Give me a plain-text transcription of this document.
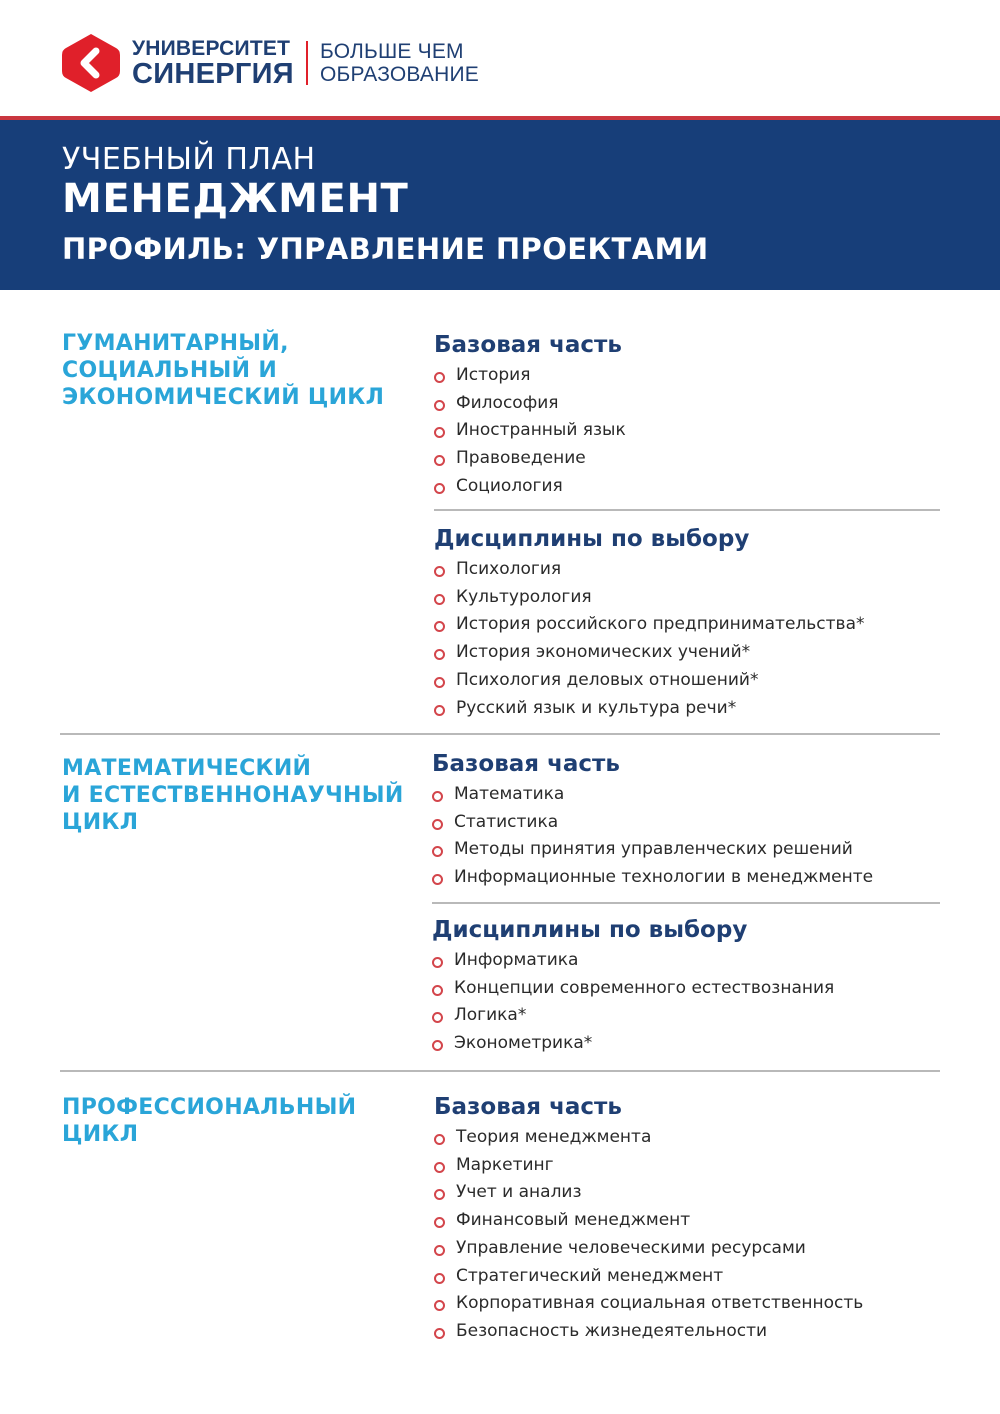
УНИВЕРСИТЕТ
СИНЕРГИЯ
БОЛЬШЕ ЧЕМ
ОБРАЗОВАНИЕ
УЧЕБНЫЙ ПЛАН
МЕНЕДЖМЕНТ
ПРОФИЛЬ: УПРАВЛЕНИЕ ПРОЕКТАМИ
ГУМАНИТАРНЫЙ,
СОЦИАЛЬНЫЙ И
ЭКОНОМИЧЕСКИЙ ЦИКЛ
Базовая часть
История
Философия
Иностранный язык
Правоведение
Социология
Дисциплины по выбору
Психология
Культурология
История российского предпринимательства*
История экономических учений*
Психология деловых отношений*
Русский язык и культура речи*
МАТЕМАТИЧЕСКИЙ
И ЕСТЕСТВЕННОНАУЧНЫЙ
ЦИКЛ
Базовая часть
Математика
Статистика
Методы принятия управленческих решений
Информационные технологии в менеджменте
Дисциплины по выбору
Информатика
Концепции современного естествознания
Логика*
Эконометрика*
ПРОФЕССИОНАЛЬНЫЙ
ЦИКЛ
Базовая часть
Теория менеджмента
Маркетинг
Учет и анализ
Финансовый менеджмент
Управление человеческими ресурсами
Стратегический менеджмент
Корпоративная социальная ответственность
Безопасность жизнедеятельности
